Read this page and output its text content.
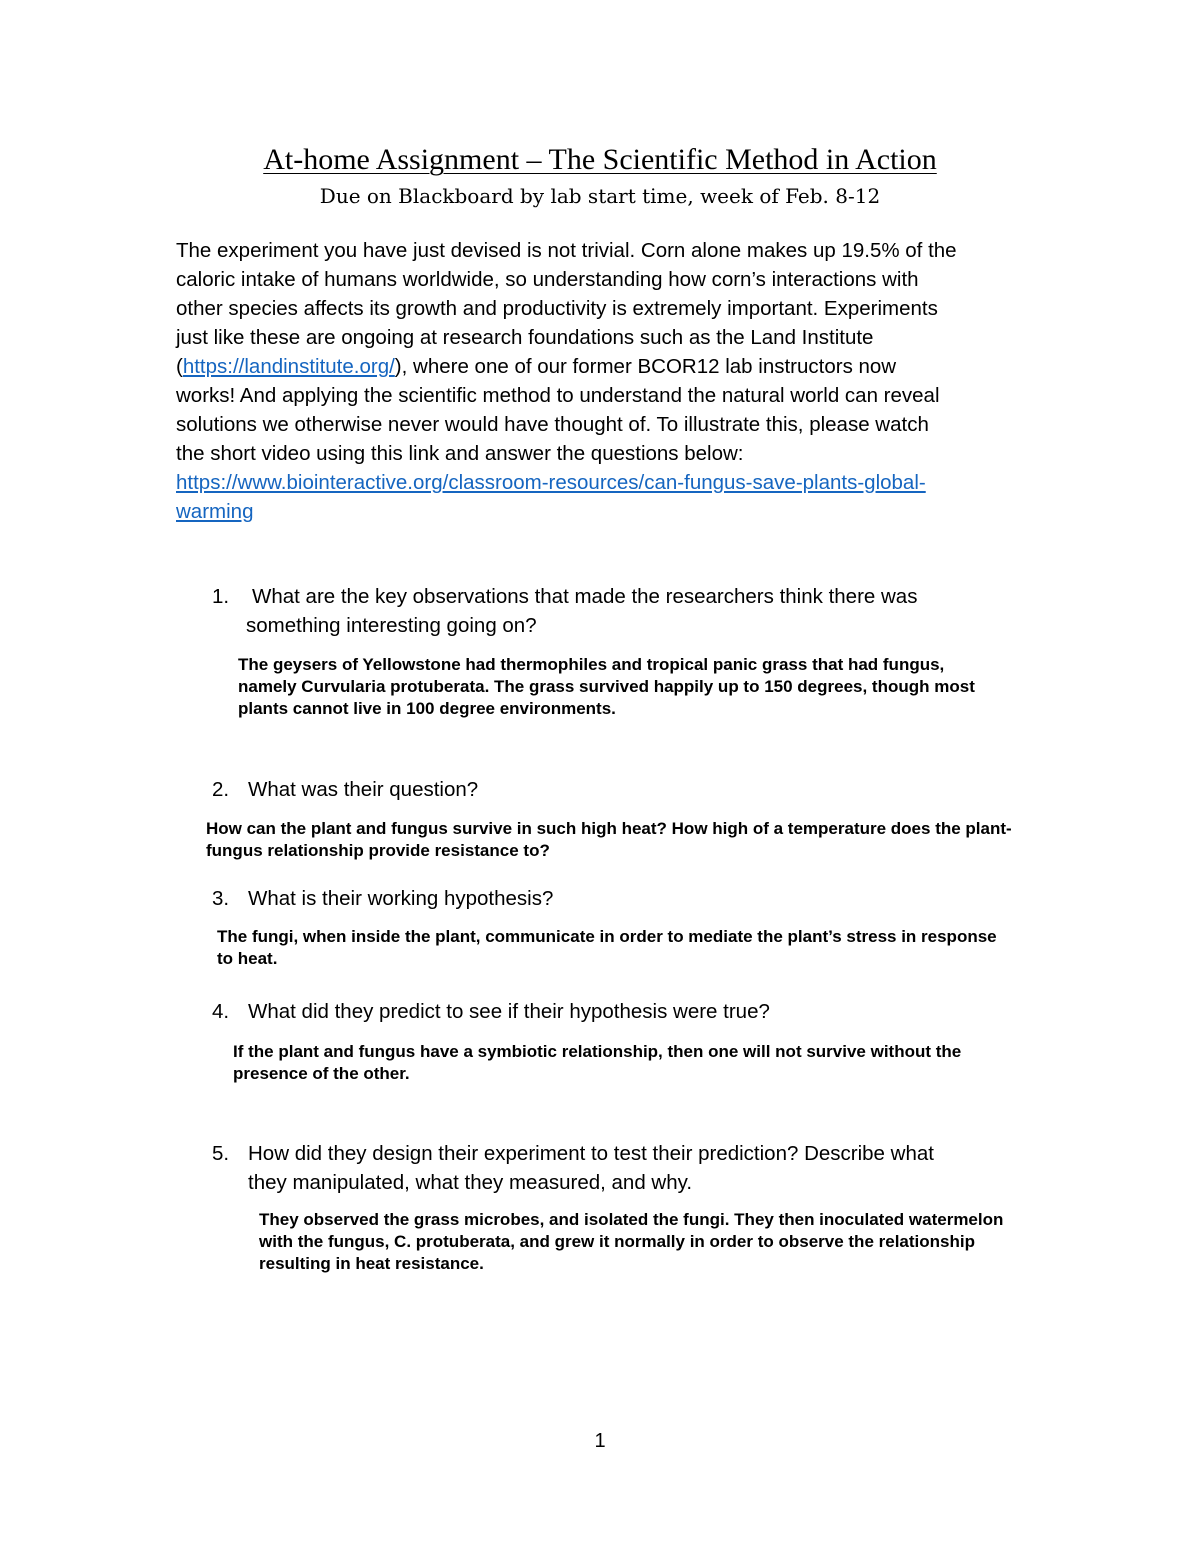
At-home Assignment – The Scientific Method in Action
Due on Blackboard by lab start time, week of Feb. 8-12
The experiment you have just devised is not trivial. Corn alone makes up 19.5% of the
caloric intake of humans worldwide, so understanding how corn’s interactions with
other species affects its growth and productivity is extremely important. Experiments
just like these are ongoing at research foundations such as the Land Institute
(https://landinstitute.org/), where one of our former BCOR12 lab instructors now
works! And applying the scientific method to understand the natural world can reveal
solutions we otherwise never would have thought of. To illustrate this, please watch
the short video using this link and answer the questions below:
https://www.biointeractive.org/classroom-resources/can-fungus-save-plants-global-
warming
1. What are the key observations that made the researchers think there was
something interesting going on?
The geysers of Yellowstone had thermophiles and tropical panic grass that had fungus,
namely Curvularia protuberata. The grass survived happily up to 150 degrees, though most
plants cannot live in 100 degree environments.
2. What was their question?
How can the plant and fungus survive in such high heat? How high of a temperature does the plant-
fungus relationship provide resistance to?
3. What is their working hypothesis?
The fungi, when inside the plant, communicate in order to mediate the plant’s stress in response
to heat.
4. What did they predict to see if their hypothesis were true?
If the plant and fungus have a symbiotic relationship, then one will not survive without the
presence of the other.
5. How did they design their experiment to test their prediction? Describe what
they manipulated, what they measured, and why.
They observed the grass microbes, and isolated the fungi. They then inoculated watermelon
with the fungus, C. protuberata, and grew it normally in order to observe the relationship
resulting in heat resistance.
1
